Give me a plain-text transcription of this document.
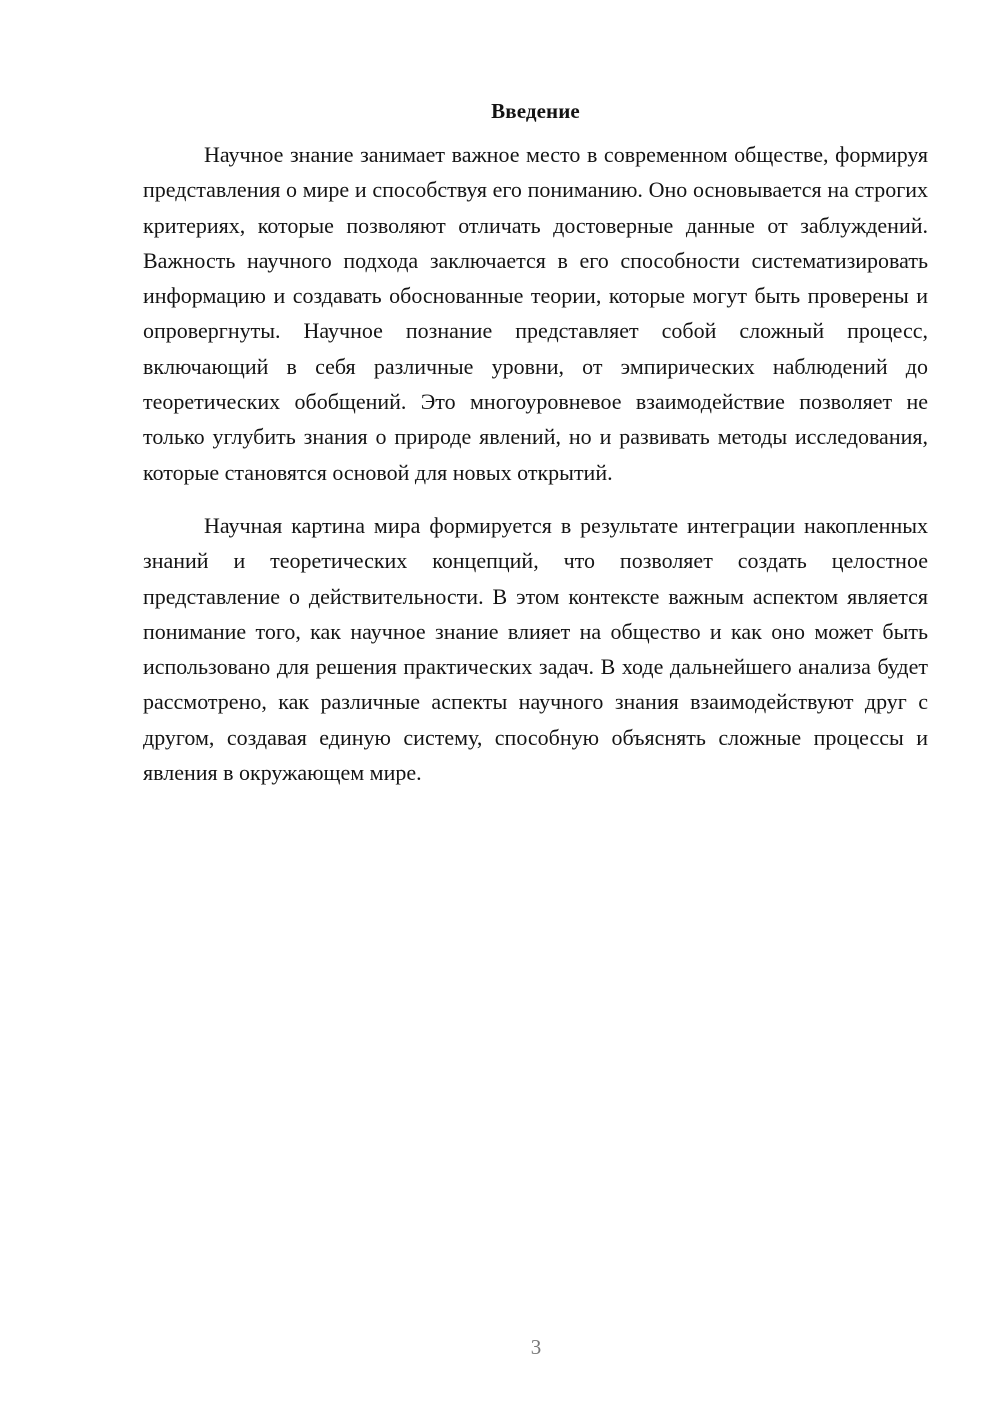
Введение

Научное знание занимает важное место в современном обществе, формируя представления о мире и способствуя его пониманию. Оно основывается на строгих критериях, которые позволяют отличать достоверные данные от заблуждений. Важность научного подхода заключается в его способности систематизировать информацию и создавать обоснованные теории, которые могут быть проверены и опровергнуты. Научное познание представляет собой сложный процесс, включающий в себя различные уровни, от эмпирических наблюдений до теоретических обобщений. Это многоуровневое взаимодействие позволяет не только углубить знания о природе явлений, но и развивать методы исследования, которые становятся основой для новых открытий.

Научная картина мира формируется в результате интеграции накопленных знаний и теоретических концепций, что позволяет создать целостное представление о действительности. В этом контексте важным аспектом является понимание того, как научное знание влияет на общество и как оно может быть использовано для решения практических задач. В ходе дальнейшего анализа будет рассмотрено, как различные аспекты научного знания взаимодействуют друг с другом, создавая единую систему, способную объяснять сложные процессы и явления в окружающем мире.

3
